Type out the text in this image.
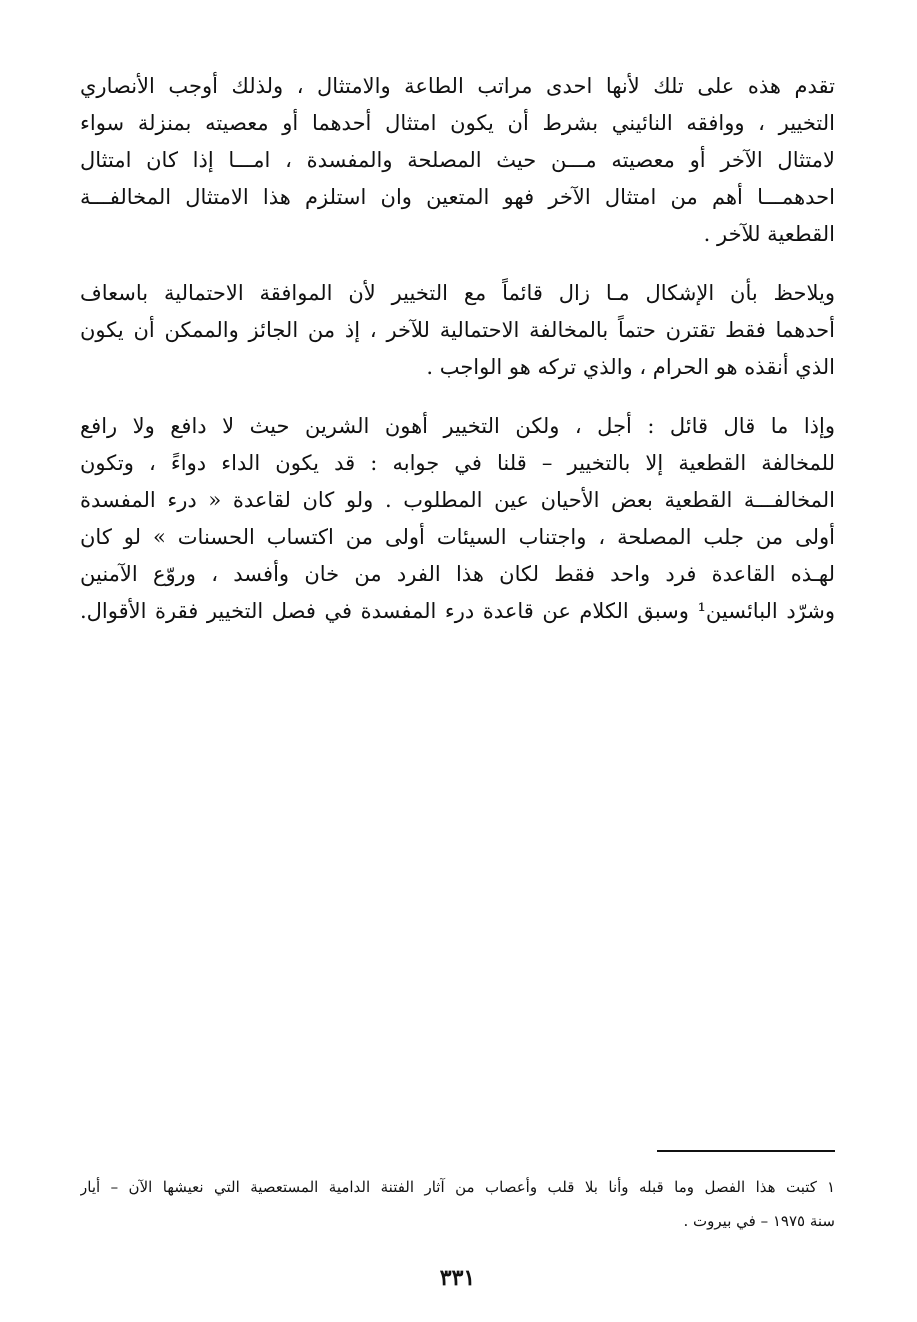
تقدم هذه على تلك لأنها احدى مراتب الطاعة والامتثال ، ولذلك أوجب الأنصاري
التخيير ، ووافقه النائيني بشرط أن يكون امتثال أحدهما أو معصيته بمنزلة سواء
لامتثال الآخر أو معصيته مـــن حيث المصلحة والمفسدة ، امـــا إذا كان امتثال
احدهمـــا أهم من امتثال الآخر فهو المتعين وان استلزم هذا الامتثال المخالفـــة
القطعية للآخر .
ويلاحظ بأن الإشكال مـا زال قائماً مع التخيير لأن الموافقة الاحتمالية باسعاف
أحدهما فقط تقترن حتماً بالمخالفة الاحتمالية للآخر ، إذ من الجائز والممكن أن يكون
الذي أنقذه هو الحرام ، والذي تركه هو الواجب .
وإذا ما قال قائل : أجل ، ولكن التخيير أهون الشرين حيث لا دافع ولا رافع
للمخالفة القطعية إلا بالتخيير – قلنا في جوابه : قد يكون الداء دواءً ، وتكون
المخالفـــة القطعية بعض الأحيان عين المطلوب . ولو كان لقاعدة « درء المفسدة
أولى من جلب المصلحة ، واجتناب السيئات أولى من اكتساب الحسنات » لو كان
لهـذه القاعدة فرد واحد فقط لكان هذا الفرد من خان وأفسد ، وروّع الآمنين
وشرّد البائسين¹ وسبق الكلام عن قاعدة درء المفسدة في فصل التخيير فقرة الأقوال.
١كتبت هذا الفصل وما قبله وأنا بلا قلب وأعصاب من آثار الفتنة الدامية المستعصية التي نعيشها الآن – أيار
سنة ١٩٧٥ – في بيروت .
٣٣١
